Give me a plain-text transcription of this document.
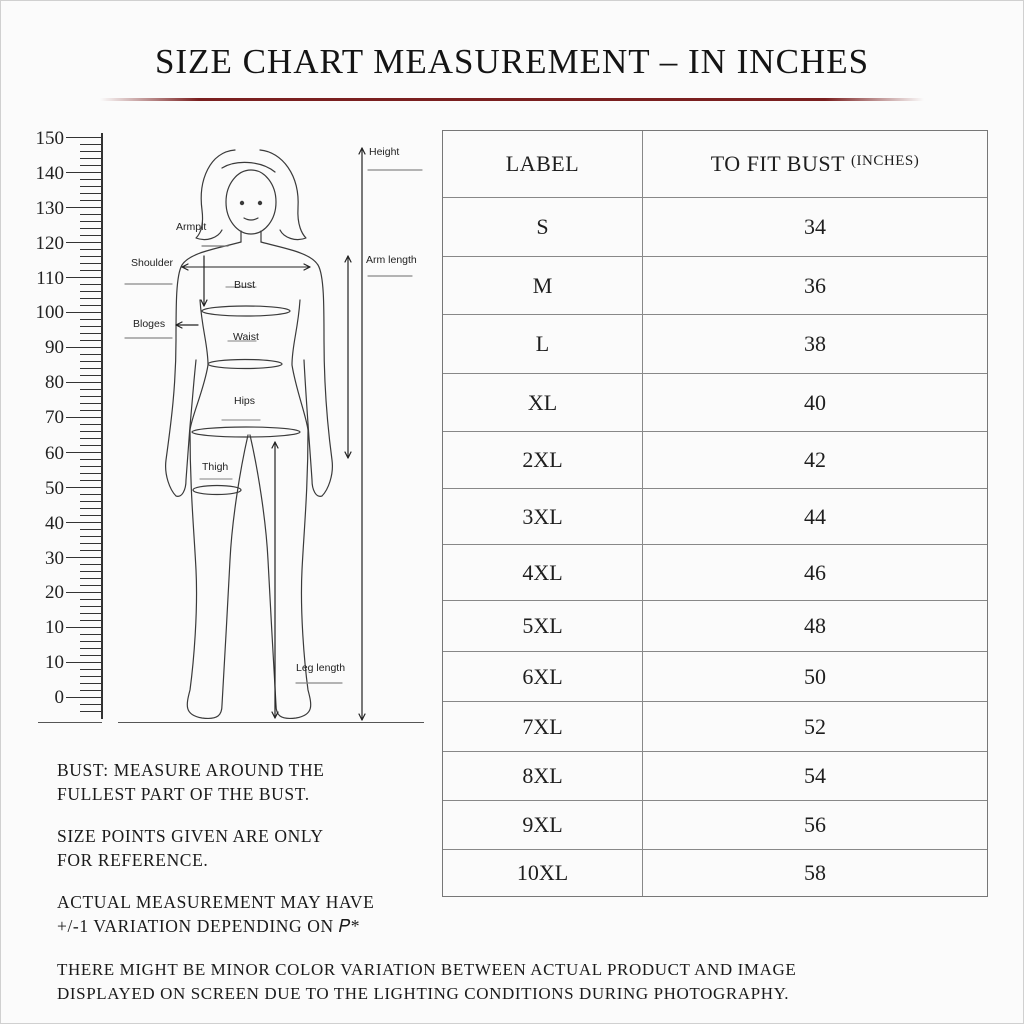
SIZE CHART MEASUREMENT – IN INCHES
150
140
130
120
110
100
90
80
70
60
50
40
30
20
10
10
0
Height
Armplt
Shoulder
Bust
Arm length
Bloges
Waist
Hips
Thigh
Leg length
LABEL	TO FIT BUST (INCHES)
S	34
M	36
L	38
XL	40
2XL	42
3XL	44
4XL	46
5XL	48
6XL	50
7XL	52
8XL	54
9XL	56
10XL	58
BUST: MEASURE AROUND THE
FULLEST PART OF THE BUST.
SIZE POINTS GIVEN ARE ONLY
FOR REFERENCE.
ACTUAL MEASUREMENT MAY HAVE
+/-1 VARIATION DEPENDING ON 𝑃*
THERE MIGHT BE MINOR COLOR VARIATION BETWEEN ACTUAL PRODUCT AND IMAGE
DISPLAYED ON SCREEN DUE TO THE LIGHTING CONDITIONS DURING PHOTOGRAPHY.
